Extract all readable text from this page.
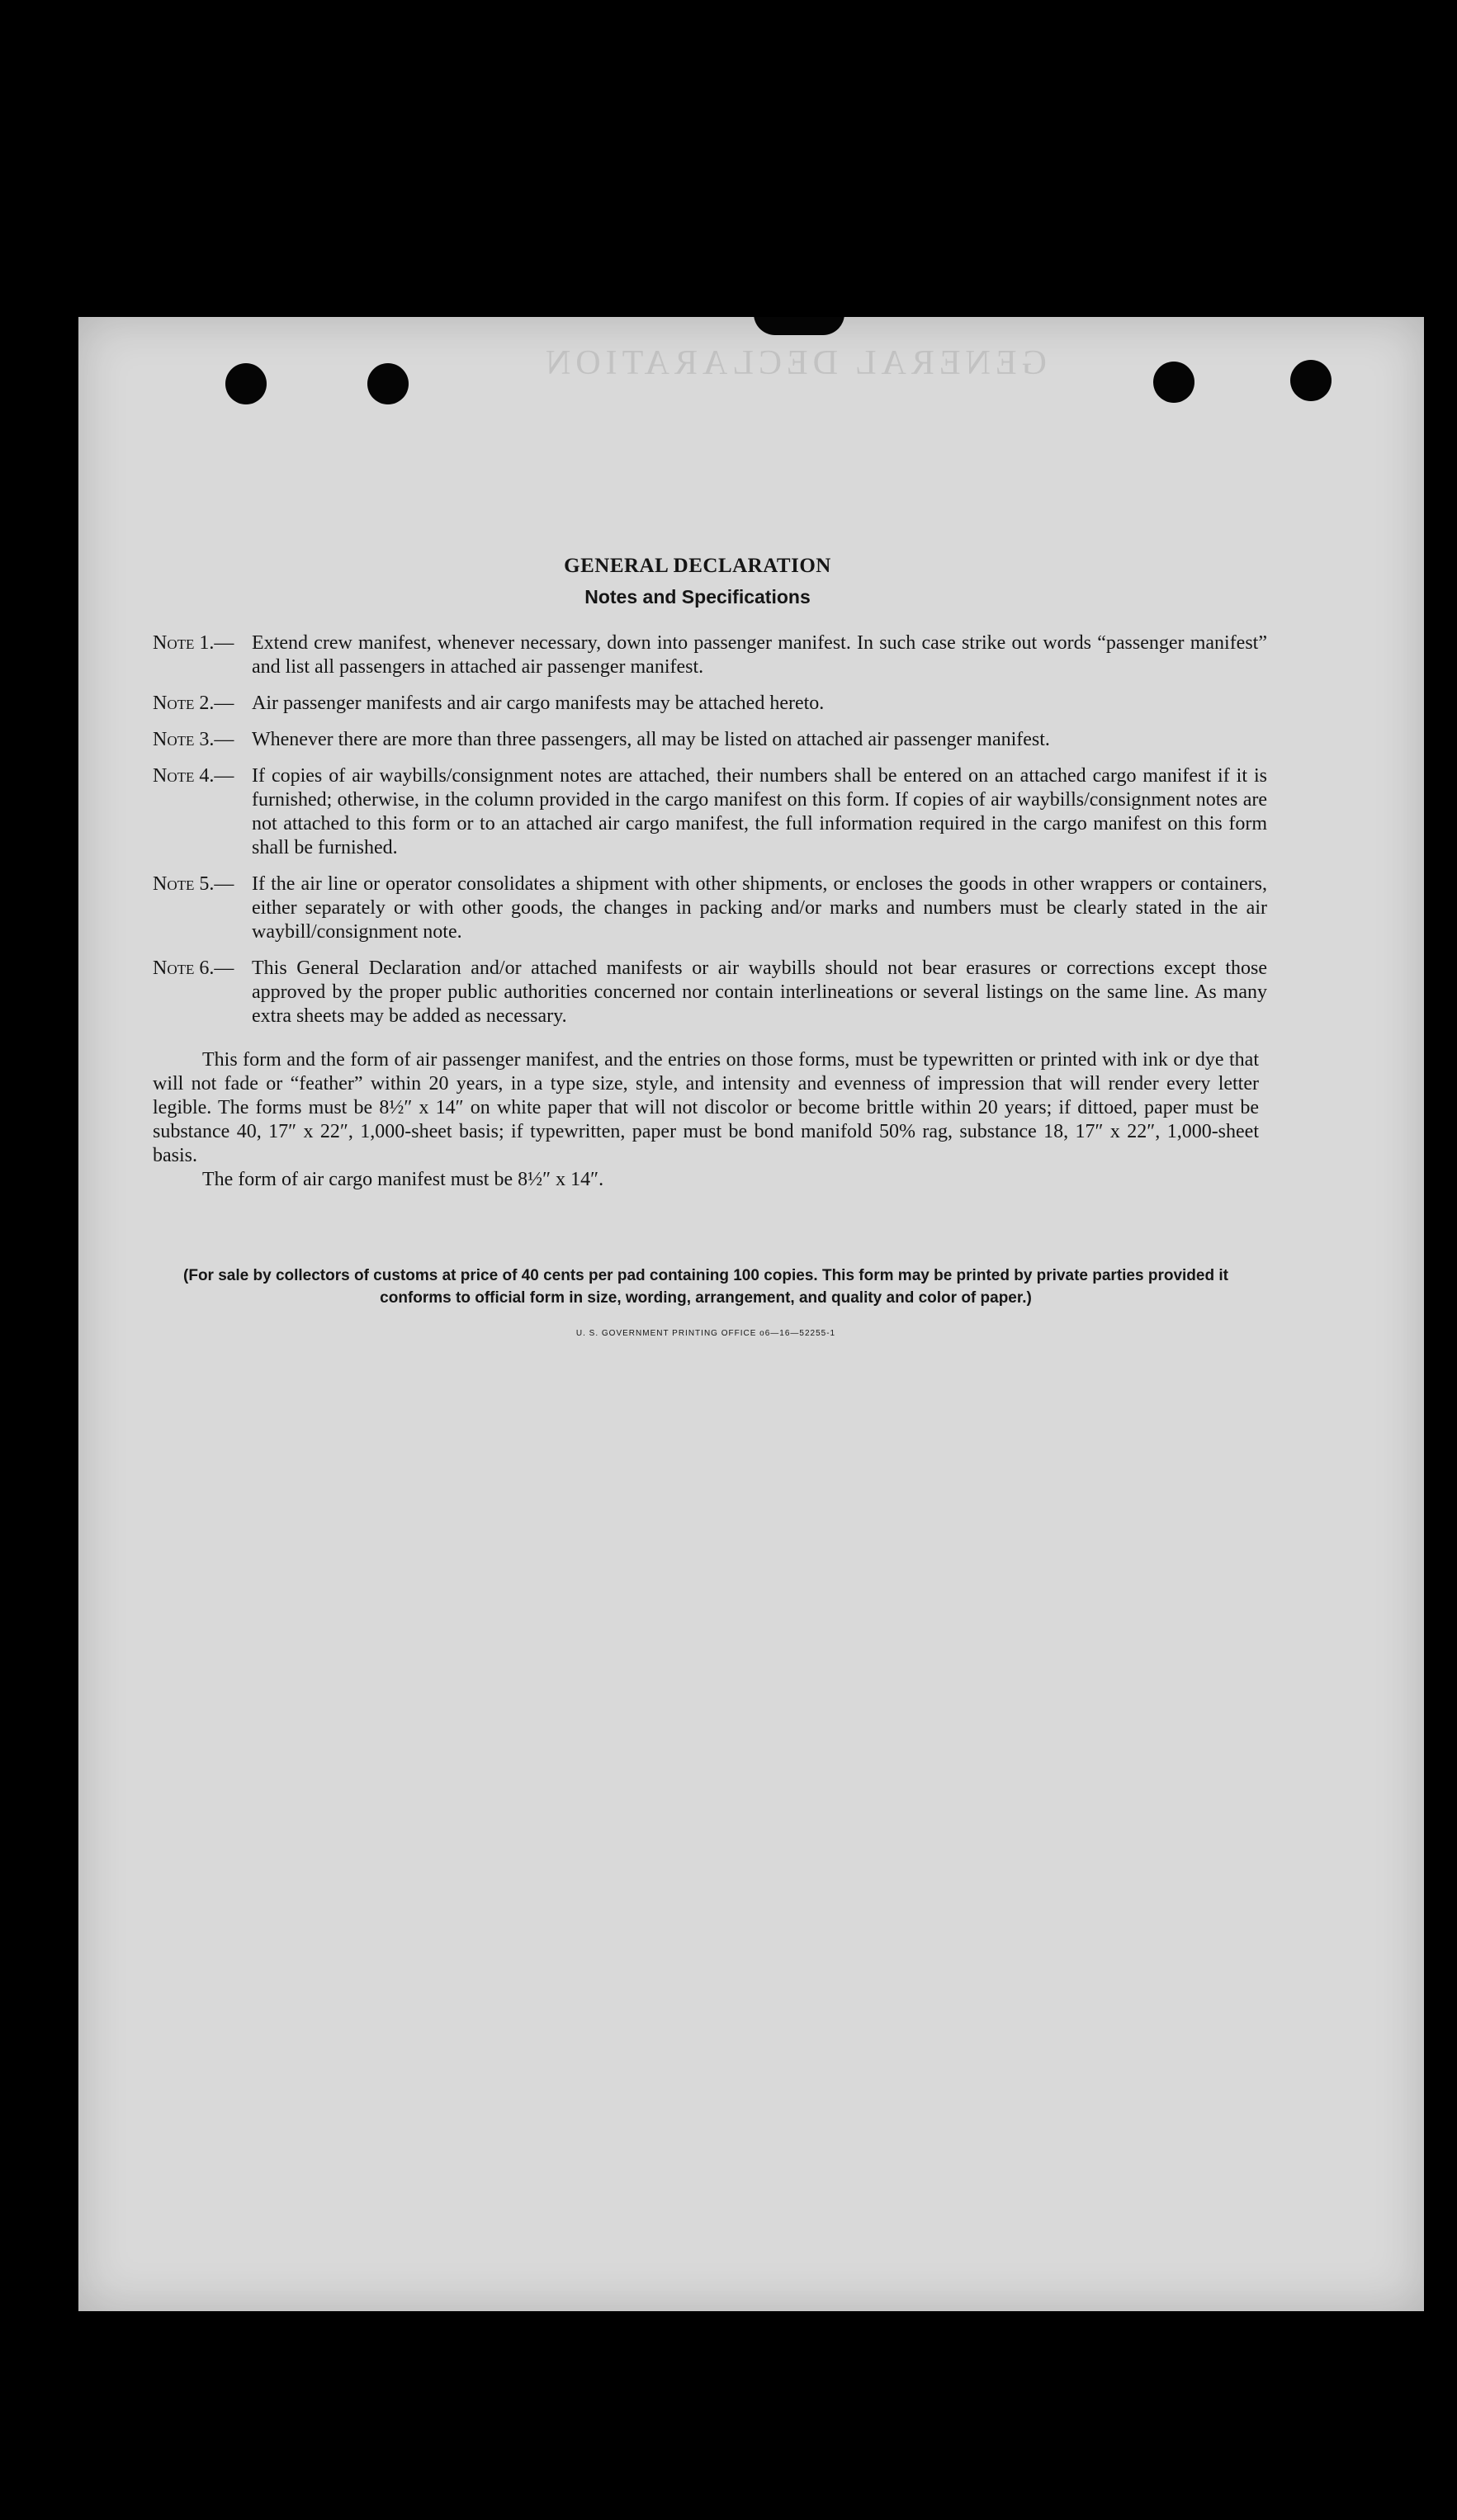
GENERAL DECLARATION
GENERAL DECLARATION
Notes and Specifications
Note 1.— Extend crew manifest, whenever necessary, down into passenger manifest. In such case strike out words “passenger manifest” and list all passengers in attached air passenger manifest.
Note 2.— Air passenger manifests and air cargo manifests may be attached hereto.
Note 3.— Whenever there are more than three passengers, all may be listed on attached air passenger manifest.
Note 4.— If copies of air waybills/consignment notes are attached, their numbers shall be entered on an attached cargo manifest if it is furnished; otherwise, in the column provided in the cargo manifest on this form. If copies of air waybills/consignment notes are not attached to this form or to an attached air cargo manifest, the full information required in the cargo manifest on this form shall be furnished.
Note 5.— If the air line or operator consolidates a shipment with other shipments, or encloses the goods in other wrappers or containers, either separately or with other goods, the changes in packing and/or marks and numbers must be clearly stated in the air waybill/consignment note.
Note 6.— This General Declaration and/or attached manifests or air waybills should not bear erasures or corrections except those approved by the proper public authorities concerned nor contain interlineations or several listings on the same line. As many extra sheets may be added as necessary.
This form and the form of air passenger manifest, and the entries on those forms, must be typewritten or printed with ink or dye that will not fade or “feather” within 20 years, in a type size, style, and intensity and evenness of impression that will render every letter legible. The forms must be 8½″ x 14″ on white paper that will not discolor or become brittle within 20 years; if dittoed, paper must be substance 40, 17″ x 22″, 1,000-sheet basis; if typewritten, paper must be bond manifold 50% rag, substance 18, 17″ x 22″, 1,000-sheet basis.
The form of air cargo manifest must be 8½″ x 14″.
(For sale by collectors of customs at price of 40 cents per pad containing 100 copies. This form may be printed by private parties provided it conforms to official form in size, wording, arrangement, and quality and color of paper.)
U. S. GOVERNMENT PRINTING OFFICE o6—16—52255-1
